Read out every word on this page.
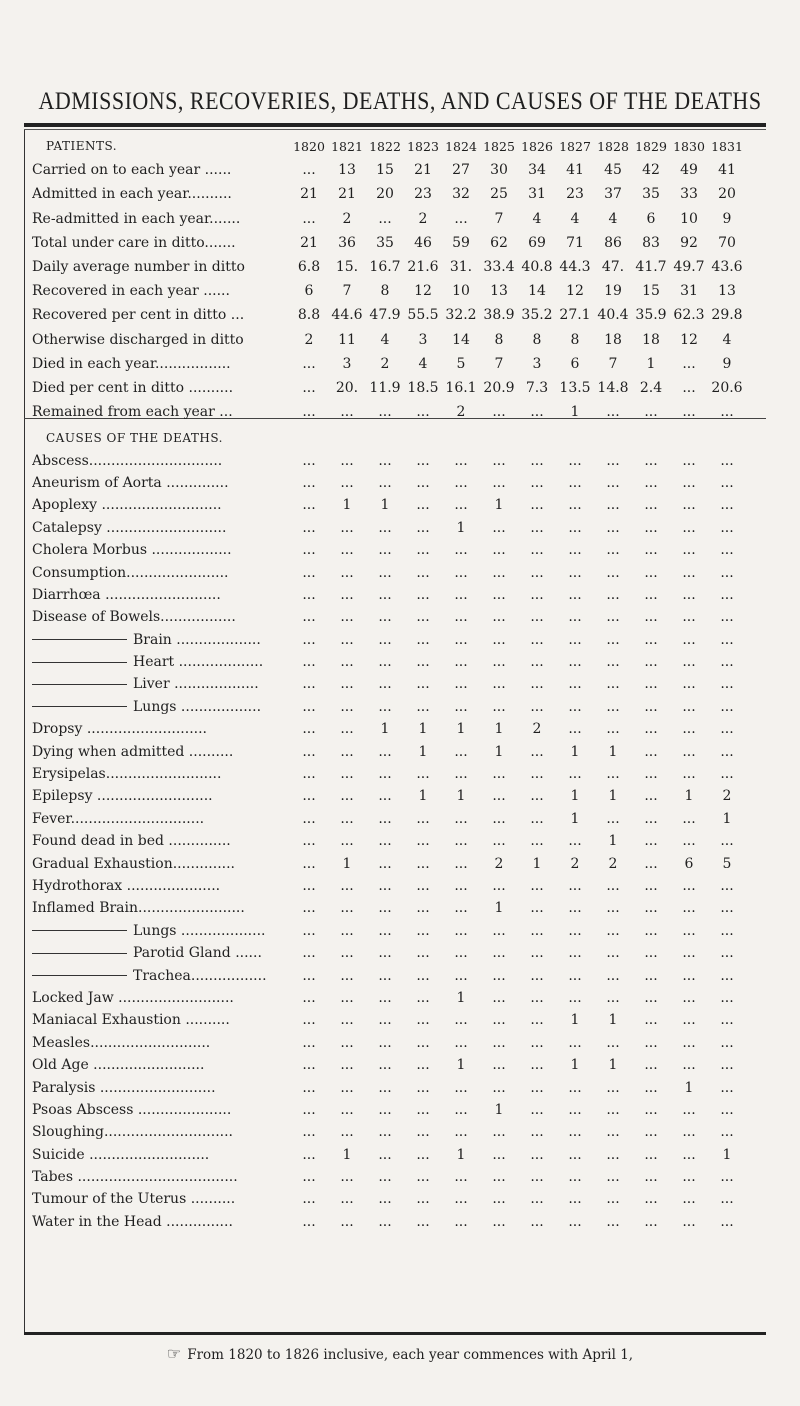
ADMISSIONS, RECOVERIES, DEATHS, AND CAUSES OF THE DEATHS
PATIENTS.	1820	1821	1822	1823	1824	1825	1826	1827	1828	1829	1830	1831
Carried on to each year ......	...	13	15	21	27	30	34	41	45	42	49	41
Admitted in each year..........	21	21	20	23	32	25	31	23	37	35	33	20
Re-admitted in each year.......	...	2	...	2	...	7	4	4	4	6	10	9
Total under care in ditto.......	21	36	35	46	59	62	69	71	86	83	92	70
Daily average number in ditto	6.8	15.	16.7	21.6	31.	33.4	40.8	44.3	47.	41.7	49.7	43.6
Recovered in each year ......	6	7	8	12	10	13	14	12	19	15	31	13
Recovered per cent in ditto ...	8.8	44.6	47.9	55.5	32.2	38.9	35.2	27.1	40.4	35.9	62.3	29.8
Otherwise discharged in ditto	2	11	4	3	14	8	8	8	18	18	12	4
Died in each year.................	...	3	2	4	5	7	3	6	7	1	...	9
Died per cent in ditto ..........	...	20.	11.9	18.5	16.1	20.9	7.3	13.5	14.8	2.4	...	20.6
Remained from each year ...	...	...	...	...	2	...	...	1	...	...	...	...
CAUSES OF THE DEATHS.												
Abscess..............................	...	...	...	...	...	...	...	...	...	...	...	...
Aneurism of Aorta ..............	...	...	...	...	...	...	...	...	...	...	...	...
Apoplexy ...........................	...	1	1	...	...	1	...	...	...	...	...	...
Catalepsy ...........................	...	...	...	...	1	...	...	...	...	...	...	...
Cholera Morbus ..................	...	...	...	...	...	...	...	...	...	...	...	...
Consumption.......................	...	...	...	...	...	...	...	...	...	...	...	...
Diarrhœa ..........................	...	...	...	...	...	...	...	...	...	...	...	...
Disease of Bowels.................	...	...	...	...	...	...	...	...	...	...	...	...
Brain ...................	...	...	...	...	...	...	...	...	...	...	...	...
Heart ...................	...	...	...	...	...	...	...	...	...	...	...	...
Liver ...................	...	...	...	...	...	...	...	...	...	...	...	...
Lungs ..................	...	...	...	...	...	...	...	...	...	...	...	...
Dropsy ...........................	...	...	1	1	1	1	2	...	...	...	...	...
Dying when admitted ..........	...	...	...	1	...	1	...	1	1	...	...	...
Erysipelas..........................	...	...	...	...	...	...	...	...	...	...	...	...
Epilepsy ..........................	...	...	...	1	1	...	...	1	1	...	1	2
Fever..............................	...	...	...	...	...	...	...	1	...	...	...	1
Found dead in bed ..............	...	...	...	...	...	...	...	...	1	...	...	...
Gradual Exhaustion..............	...	1	...	...	...	2	1	2	2	...	6	5
Hydrothorax .....................	...	...	...	...	...	...	...	...	...	...	...	...
Inflamed Brain........................	...	...	...	...	...	1	...	...	...	...	...	...
Lungs ...................	...	...	...	...	...	...	...	...	...	...	...	...
Parotid Gland ......	...	...	...	...	...	...	...	...	...	...	...	...
Trachea.................	...	...	...	...	...	...	...	...	...	...	...	...
Locked Jaw ..........................	...	...	...	...	1	...	...	...	...	...	...	...
Maniacal Exhaustion ..........	...	...	...	...	...	...	...	1	1	...	...	...
Measles...........................	...	...	...	...	...	...	...	...	...	...	...	...
Old Age .........................	...	...	...	...	1	...	...	1	1	...	...	...
Paralysis ..........................	...	...	...	...	...	...	...	...	...	...	1	...
Psoas Abscess .....................	...	...	...	...	...	1	...	...	...	...	...	...
Sloughing.............................	...	...	...	...	...	...	...	...	...	...	...	...
Suicide ...........................	...	1	...	...	1	...	...	...	...	...	...	1
Tabes ....................................	...	...	...	...	...	...	...	...	...	...	...	...
Tumour of the Uterus ..........	...	...	...	...	...	...	...	...	...	...	...	...
Water in the Head ...............	...	...	...	...	...	...	...	...	...	...	...	...
☞ From 1820 to 1826 inclusive, each year commences with April 1,
